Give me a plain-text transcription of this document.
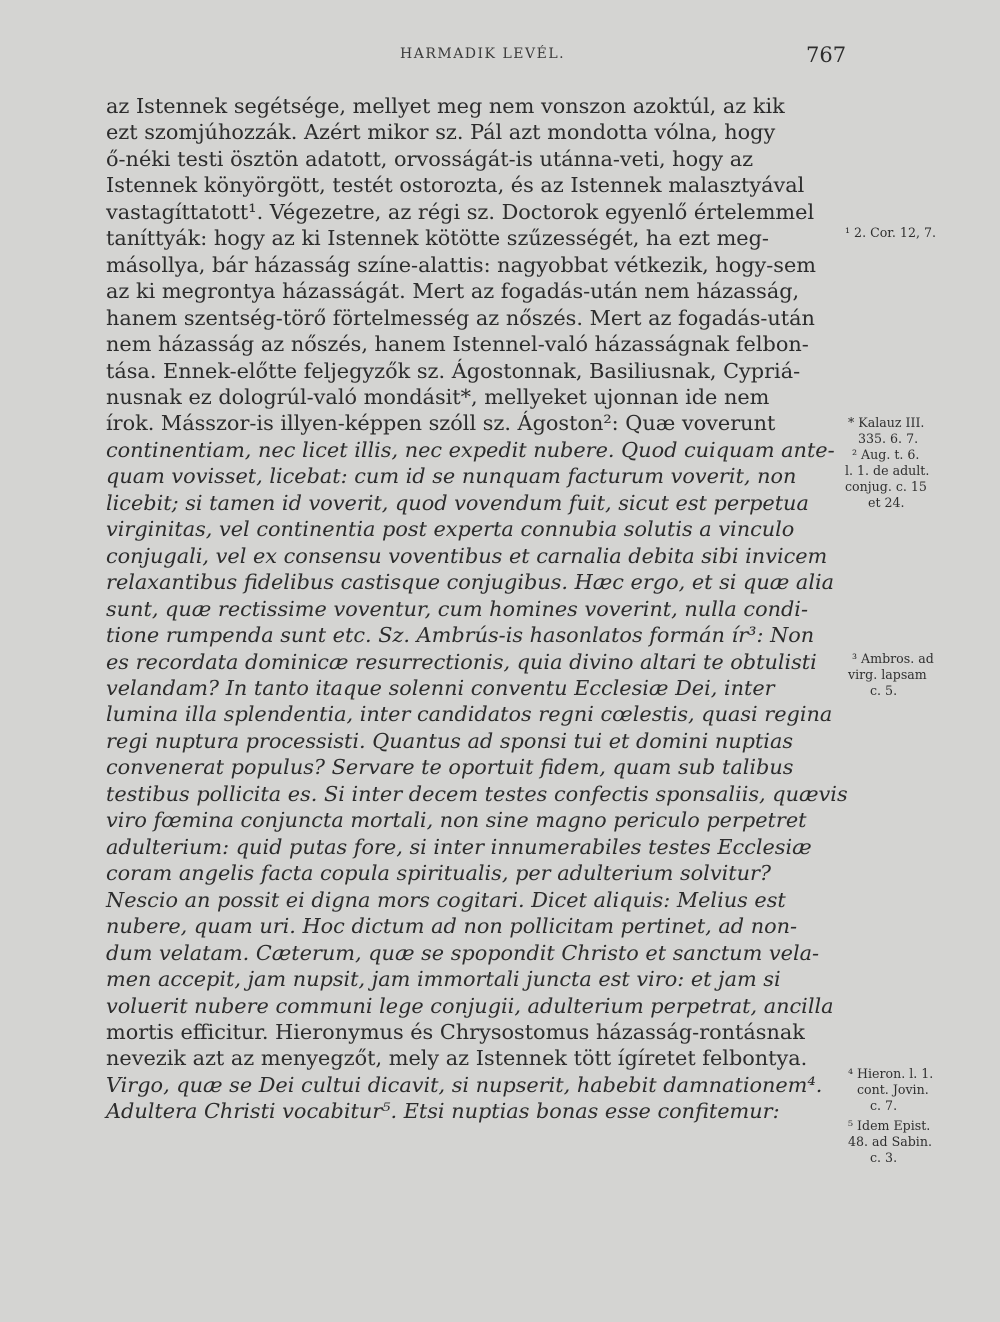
HARMADIK LEVÉL.	767
az Istennek segétsége, mellyet meg nem vonszon azoktúl, az kik
ezt szomjúhozzák. Azért mikor sz. Pál azt mondotta vólna, hogy
ő-néki testi ösztön adatott, orvosságát-is utánna-veti, hogy az
Istennek könyörgött, testét ostorozta, és az Istennek malasztyával
vastagíttatott¹. Végezetre, az régi sz. Doctorok egyenlő értelemmel
taníttyák: hogy az ki Istennek kötötte szűzességét, ha ezt meg-
másollya, bár házasság színe-alattis: nagyobbat vétkezik, hogy-sem
az ki megrontya házasságát. Mert az fogadás-után nem házasság,
hanem szentség-törő förtelmesség az nőszés. Mert az fogadás-után
nem házasság az nőszés, hanem Istennel-való házasságnak felbon-
tása. Ennek-előtte feljegyzők sz. Ágostonnak, Basiliusnak, Cypriá-
nusnak ez dologrúl-való mondásit*, mellyeket ujonnan ide nem
írok. Másszor-is illyen-képpen szóll sz. Ágoston²: Quæ voverunt
continentiam, nec licet illis, nec expedit nubere. Quod cuiquam ante-
quam vovisset, licebat: cum id se nunquam facturum voverit, non
licebit; si tamen id voverit, quod vovendum fuit, sicut est perpetua
virginitas, vel continentia post experta connubia solutis a vinculo
conjugali, vel ex consensu voventibus et carnalia debita sibi invicem
relaxantibus fidelibus castisque conjugibus. Hæc ergo, et si quæ alia
sunt, quæ rectissime voventur, cum homines voverint, nulla condi-
tione rumpenda sunt etc. Sz. Ambrús-is hasonlatos formán ír³: Non
es recordata dominicæ resurrectionis, quia divino altari te obtulisti
velandam? In tanto itaque solenni conventu Ecclesiæ Dei, inter
lumina illa splendentia, inter candidatos regni cœlestis, quasi regina
regi nuptura processisti. Quantus ad sponsi tui et domini nuptias
convenerat populus? Servare te oportuit fidem, quam sub talibus
testibus pollicita es. Si inter decem testes confectis sponsaliis, quævis
viro fœmina conjuncta mortali, non sine magno periculo perpetret
adulterium: quid putas fore, si inter innumerabiles testes Ecclesiæ
coram angelis facta copula spiritualis, per adulterium solvitur?
Nescio an possit ei digna mors cogitari. Dicet aliquis: Melius est
nubere, quam uri. Hoc dictum ad non pollicitam pertinet, ad non-
dum velatam. Cæterum, quæ se spopondit Christo et sanctum vela-
men accepit, jam nupsit, jam immortali juncta est viro: et jam si
voluerit nubere communi lege conjugii, adulterium perpetrat, ancilla
mortis efficitur. Hieronymus és Chrysostomus házasság-rontásnak
nevezik azt az menyegzőt, mely az Istennek tött ígíretet felbontya.
Virgo, quæ se Dei cultui dicavit, si nupserit, habebit damnationem⁴.
Adultera Christi vocabitur⁵. Etsi nuptias bonas esse confitemur:
¹ 2. Cor. 12, 7.
* Kalauz III.
335. 6. 7.
² Aug. t. 6.
l. 1. de adult.
conjug. c. 15
et 24.
³ Ambros. ad
virg. lapsam
c. 5.
⁴ Hieron. l. 1.
cont. Jovin.
c. 7.
⁵ Idem Epist.
48. ad Sabin.
c. 3.
